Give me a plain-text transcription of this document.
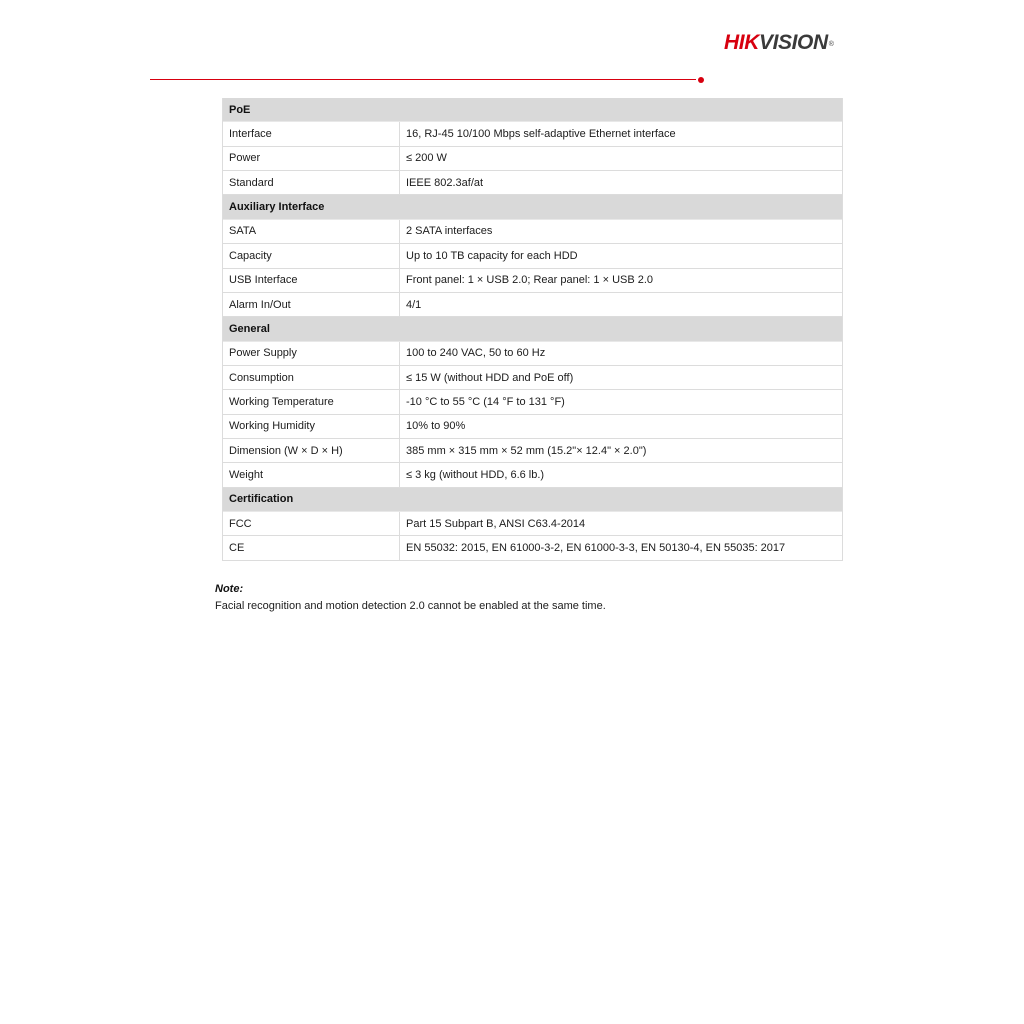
HIKVISION®
PoE
Interface	16, RJ-45 10/100 Mbps self-adaptive Ethernet interface
Power	≤ 200 W
Standard	IEEE 802.3af/at
Auxiliary Interface
SATA	2 SATA interfaces
Capacity	Up to 10 TB capacity for each HDD
USB Interface	Front panel: 1 × USB 2.0; Rear panel: 1 × USB 2.0
Alarm In/Out	4/1
General
Power Supply	100 to 240 VAC, 50 to 60 Hz
Consumption	≤ 15 W (without HDD and PoE off)
Working Temperature	-10 °C to 55 °C (14 °F to 131 °F)
Working Humidity	10% to 90%
Dimension (W × D × H)	385 mm × 315 mm × 52 mm (15.2"× 12.4" × 2.0")
Weight	≤ 3 kg (without HDD, 6.6 lb.)
Certification
FCC	Part 15 Subpart B, ANSI C63.4-2014
CE	EN 55032: 2015, EN 61000-3-2, EN 61000-3-3, EN 50130-4, EN 55035: 2017
Note:
Facial recognition and motion detection 2.0 cannot be enabled at the same time.
